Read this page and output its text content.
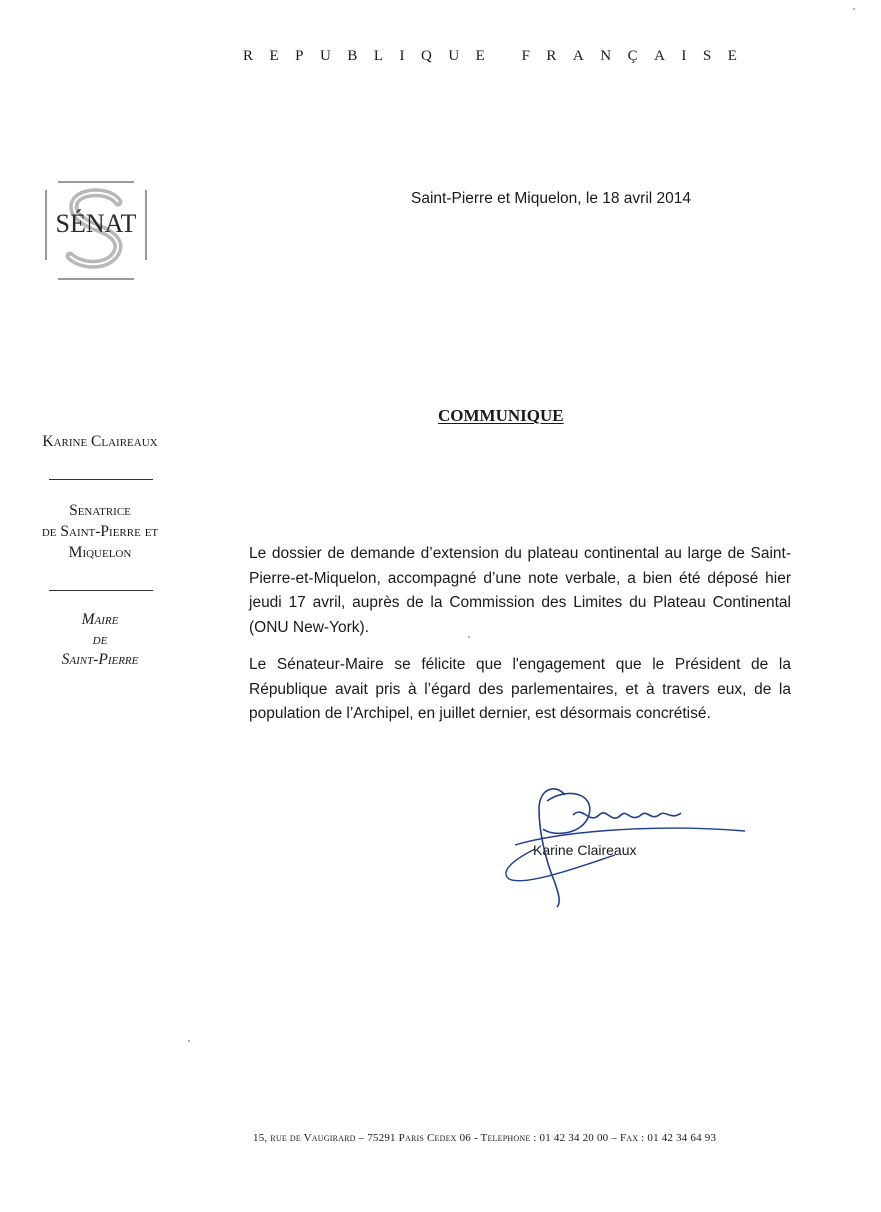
REPUBLIQUE FRANÇAISE
SÉNAT
Saint-Pierre et Miquelon, le 18 avril 2014
COMMUNIQUE
Karine Claireaux
Senatrice
de Saint-Pierre et
Miquelon
Maire
de
Saint-Pierre
Le dossier de demande d’extension du plateau continental au large de Saint-Pierre-et-Miquelon, accompagné d’une note verbale, a bien été déposé hier jeudi 17 avril, auprès de la Commission des Limites du Plateau Continental (ONU New-York).
Le Sénateur-Maire se félicite que l'engagement que le Président de la République avait pris à l’égard des parlementaires, et à travers eux, de la population de l’Archipel, en juillet dernier, est désormais concrétisé.
Karine Claireaux
15, rue de Vaugirard – 75291 Paris Cedex 06 - Telephone : 01 42 34 20 00 – Fax : 01 42 34 64 93
